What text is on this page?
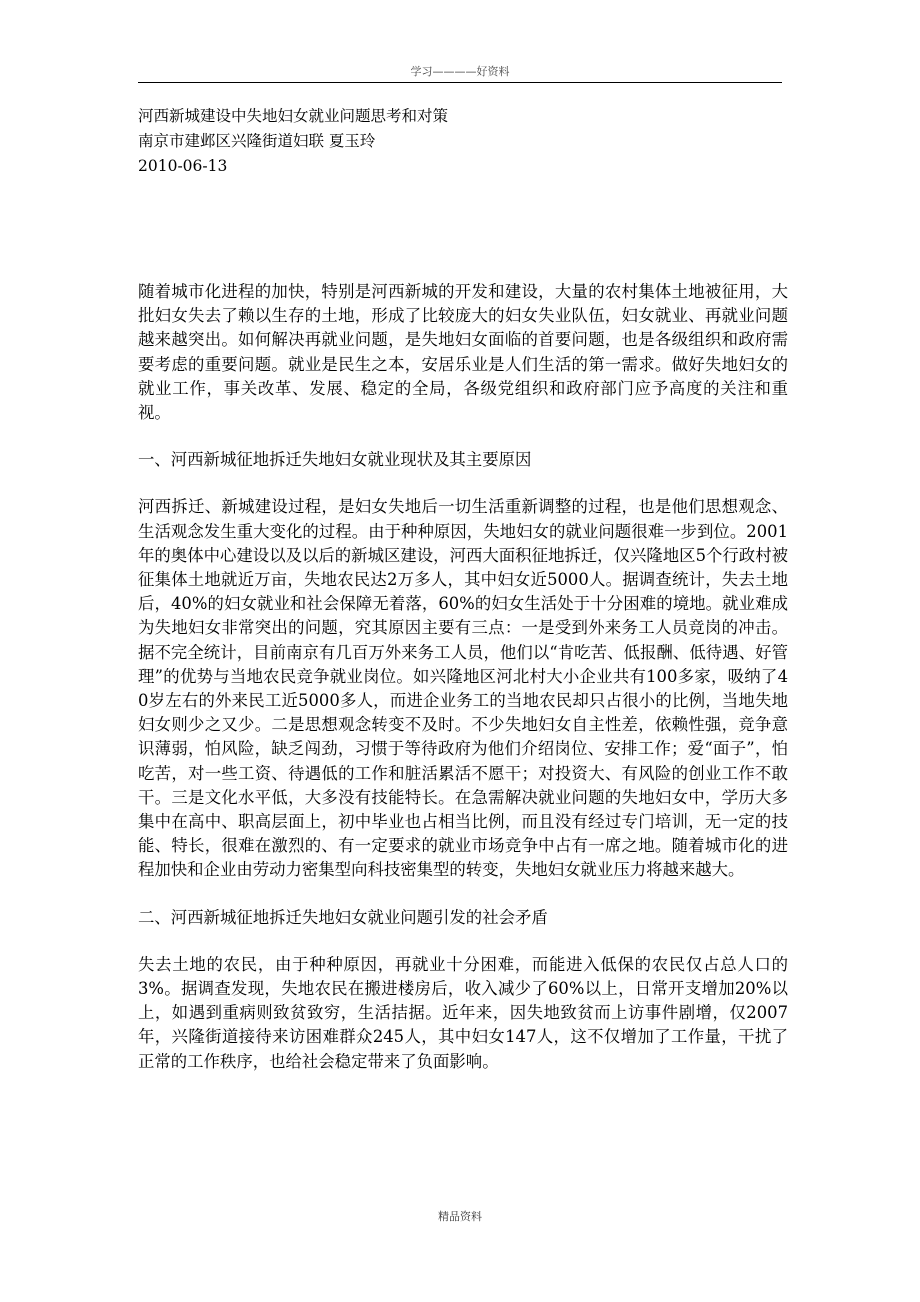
学习————好资料
河西新城建设中失地妇女就业问题思考和对策
南京市建邺区兴隆街道妇联 夏玉玲
2010-06-13

随着城市化进程的加快，特别是河西新城的开发和建设，大量的农村集体土地被征用，大批妇女失去了赖以生存的土地，形成了比较庞大的妇女失业队伍，妇女就业、再就业问题越来越突出。如何解决再就业问题，是失地妇女面临的首要问题，也是各级组织和政府需要考虑的重要问题。就业是民生之本，安居乐业是人们生活的第一需求。做好失地妇女的就业工作，事关改革、发展、稳定的全局，各级党组织和政府部门应予高度的关注和重视。

一、河西新城征地拆迁失地妇女就业现状及其主要原因

河西拆迁、新城建设过程，是妇女失地后一切生活重新调整的过程，也是他们思想观念、生活观念发生重大变化的过程。由于种种原因，失地妇女的就业问题很难一步到位。2001年的奥体中心建设以及以后的新城区建设，河西大面积征地拆迁，仅兴隆地区5个行政村被征集体土地就近万亩，失地农民达2万多人，其中妇女近5000人。据调查统计，失去土地后，40%的妇女就业和社会保障无着落，60%的妇女生活处于十分困难的境地。就业难成为失地妇女非常突出的问题，究其原因主要有三点：一是受到外来务工人员竞岗的冲击。据不完全统计，目前南京有几百万外来务工人员，他们以“肯吃苦、低报酬、低待遇、好管理”的优势与当地农民竞争就业岗位。如兴隆地区河北村大小企业共有100多家，吸纳了40岁左右的外来民工近5000多人，而进企业务工的当地农民却只占很小的比例，当地失地妇女则少之又少。二是思想观念转变不及时。不少失地妇女自主性差，依赖性强，竞争意识薄弱，怕风险，缺乏闯劲，习惯于等待政府为他们介绍岗位、安排工作；爱“面子”，怕吃苦，对一些工资、待遇低的工作和脏活累活不愿干；对投资大、有风险的创业工作不敢干。三是文化水平低，大多没有技能特长。在急需解决就业问题的失地妇女中，学历大多集中在高中、职高层面上，初中毕业也占相当比例，而且没有经过专门培训，无一定的技能、特长，很难在激烈的、有一定要求的就业市场竞争中占有一席之地。随着城市化的进程加快和企业由劳动力密集型向科技密集型的转变，失地妇女就业压力将越来越大。

二、河西新城征地拆迁失地妇女就业问题引发的社会矛盾

失去土地的农民，由于种种原因，再就业十分困难，而能进入低保的农民仅占总人口的3%。据调查发现，失地农民在搬进楼房后，收入减少了60%以上，日常开支增加20%以上，如遇到重病则致贫致穷，生活拮据。近年来，因失地致贫而上访事件剧增，仅2007年，兴隆街道接待来访困难群众245人，其中妇女147人，这不仅增加了工作量，干扰了正常的工作秩序，也给社会稳定带来了负面影响。

精品资料
